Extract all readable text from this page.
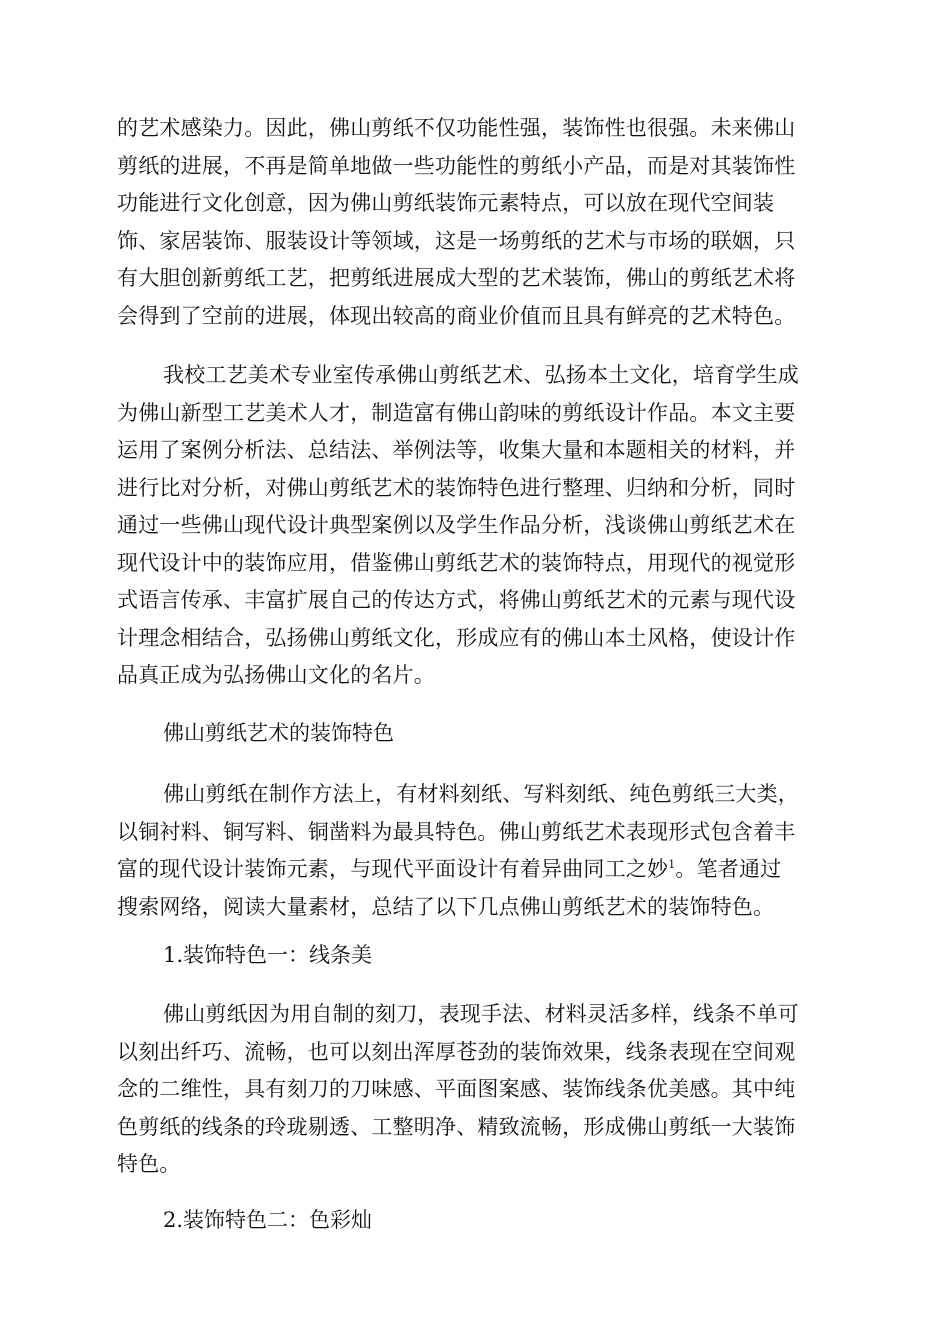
的艺术感染力。因此，佛山剪纸不仅功能性强，装饰性也很强。未来佛山
剪纸的进展，不再是简单地做一些功能性的剪纸小产品，而是对其装饰性
功能进行文化创意，因为佛山剪纸装饰元素特点，可以放在现代空间装
饰、家居装饰、服装设计等领域，这是一场剪纸的艺术与市场的联姻，只
有大胆创新剪纸工艺，把剪纸进展成大型的艺术装饰，佛山的剪纸艺术将
会得到了空前的进展，体现出较高的商业价值而且具有鲜亮的艺术特色。

我校工艺美术专业室传承佛山剪纸艺术、弘扬本土文化，培育学生成
为佛山新型工艺美术人才，制造富有佛山韵味的剪纸设计作品。本文主要
运用了案例分析法、总结法、举例法等，收集大量和本题相关的材料，并
进行比对分析，对佛山剪纸艺术的装饰特色进行整理、归纳和分析，同时
通过一些佛山现代设计典型案例以及学生作品分析，浅谈佛山剪纸艺术在
现代设计中的装饰应用，借鉴佛山剪纸艺术的装饰特点，用现代的视觉形
式语言传承、丰富扩展自己的传达方式，将佛山剪纸艺术的元素与现代设
计理念相结合，弘扬佛山剪纸文化，形成应有的佛山本土风格，使设计作
品真正成为弘扬佛山文化的名片。

佛山剪纸艺术的装饰特色

佛山剪纸在制作方法上，有材料刻纸、写料刻纸、纯色剪纸三大类，
以铜衬料、铜写料、铜凿料为最具特色。佛山剪纸艺术表现形式包含着丰
富的现代设计装饰元素，与现代平面设计有着异曲同工之妙$^1$。笔者通过
搜索网络，阅读大量素材，总结了以下几点佛山剪纸艺术的装饰特色。

1.装饰特色一：线条美

佛山剪纸因为用自制的刻刀，表现手法、材料灵活多样，线条不单可
以刻出纤巧、流畅，也可以刻出浑厚苍劲的装饰效果，线条表现在空间观
念的二维性，具有刻刀的刀味感、平面图案感、装饰线条优美感。其中纯
色剪纸的线条的玲珑剔透、工整明净、精致流畅，形成佛山剪纸一大装饰
特色。

2.装饰特色二：色彩灿
